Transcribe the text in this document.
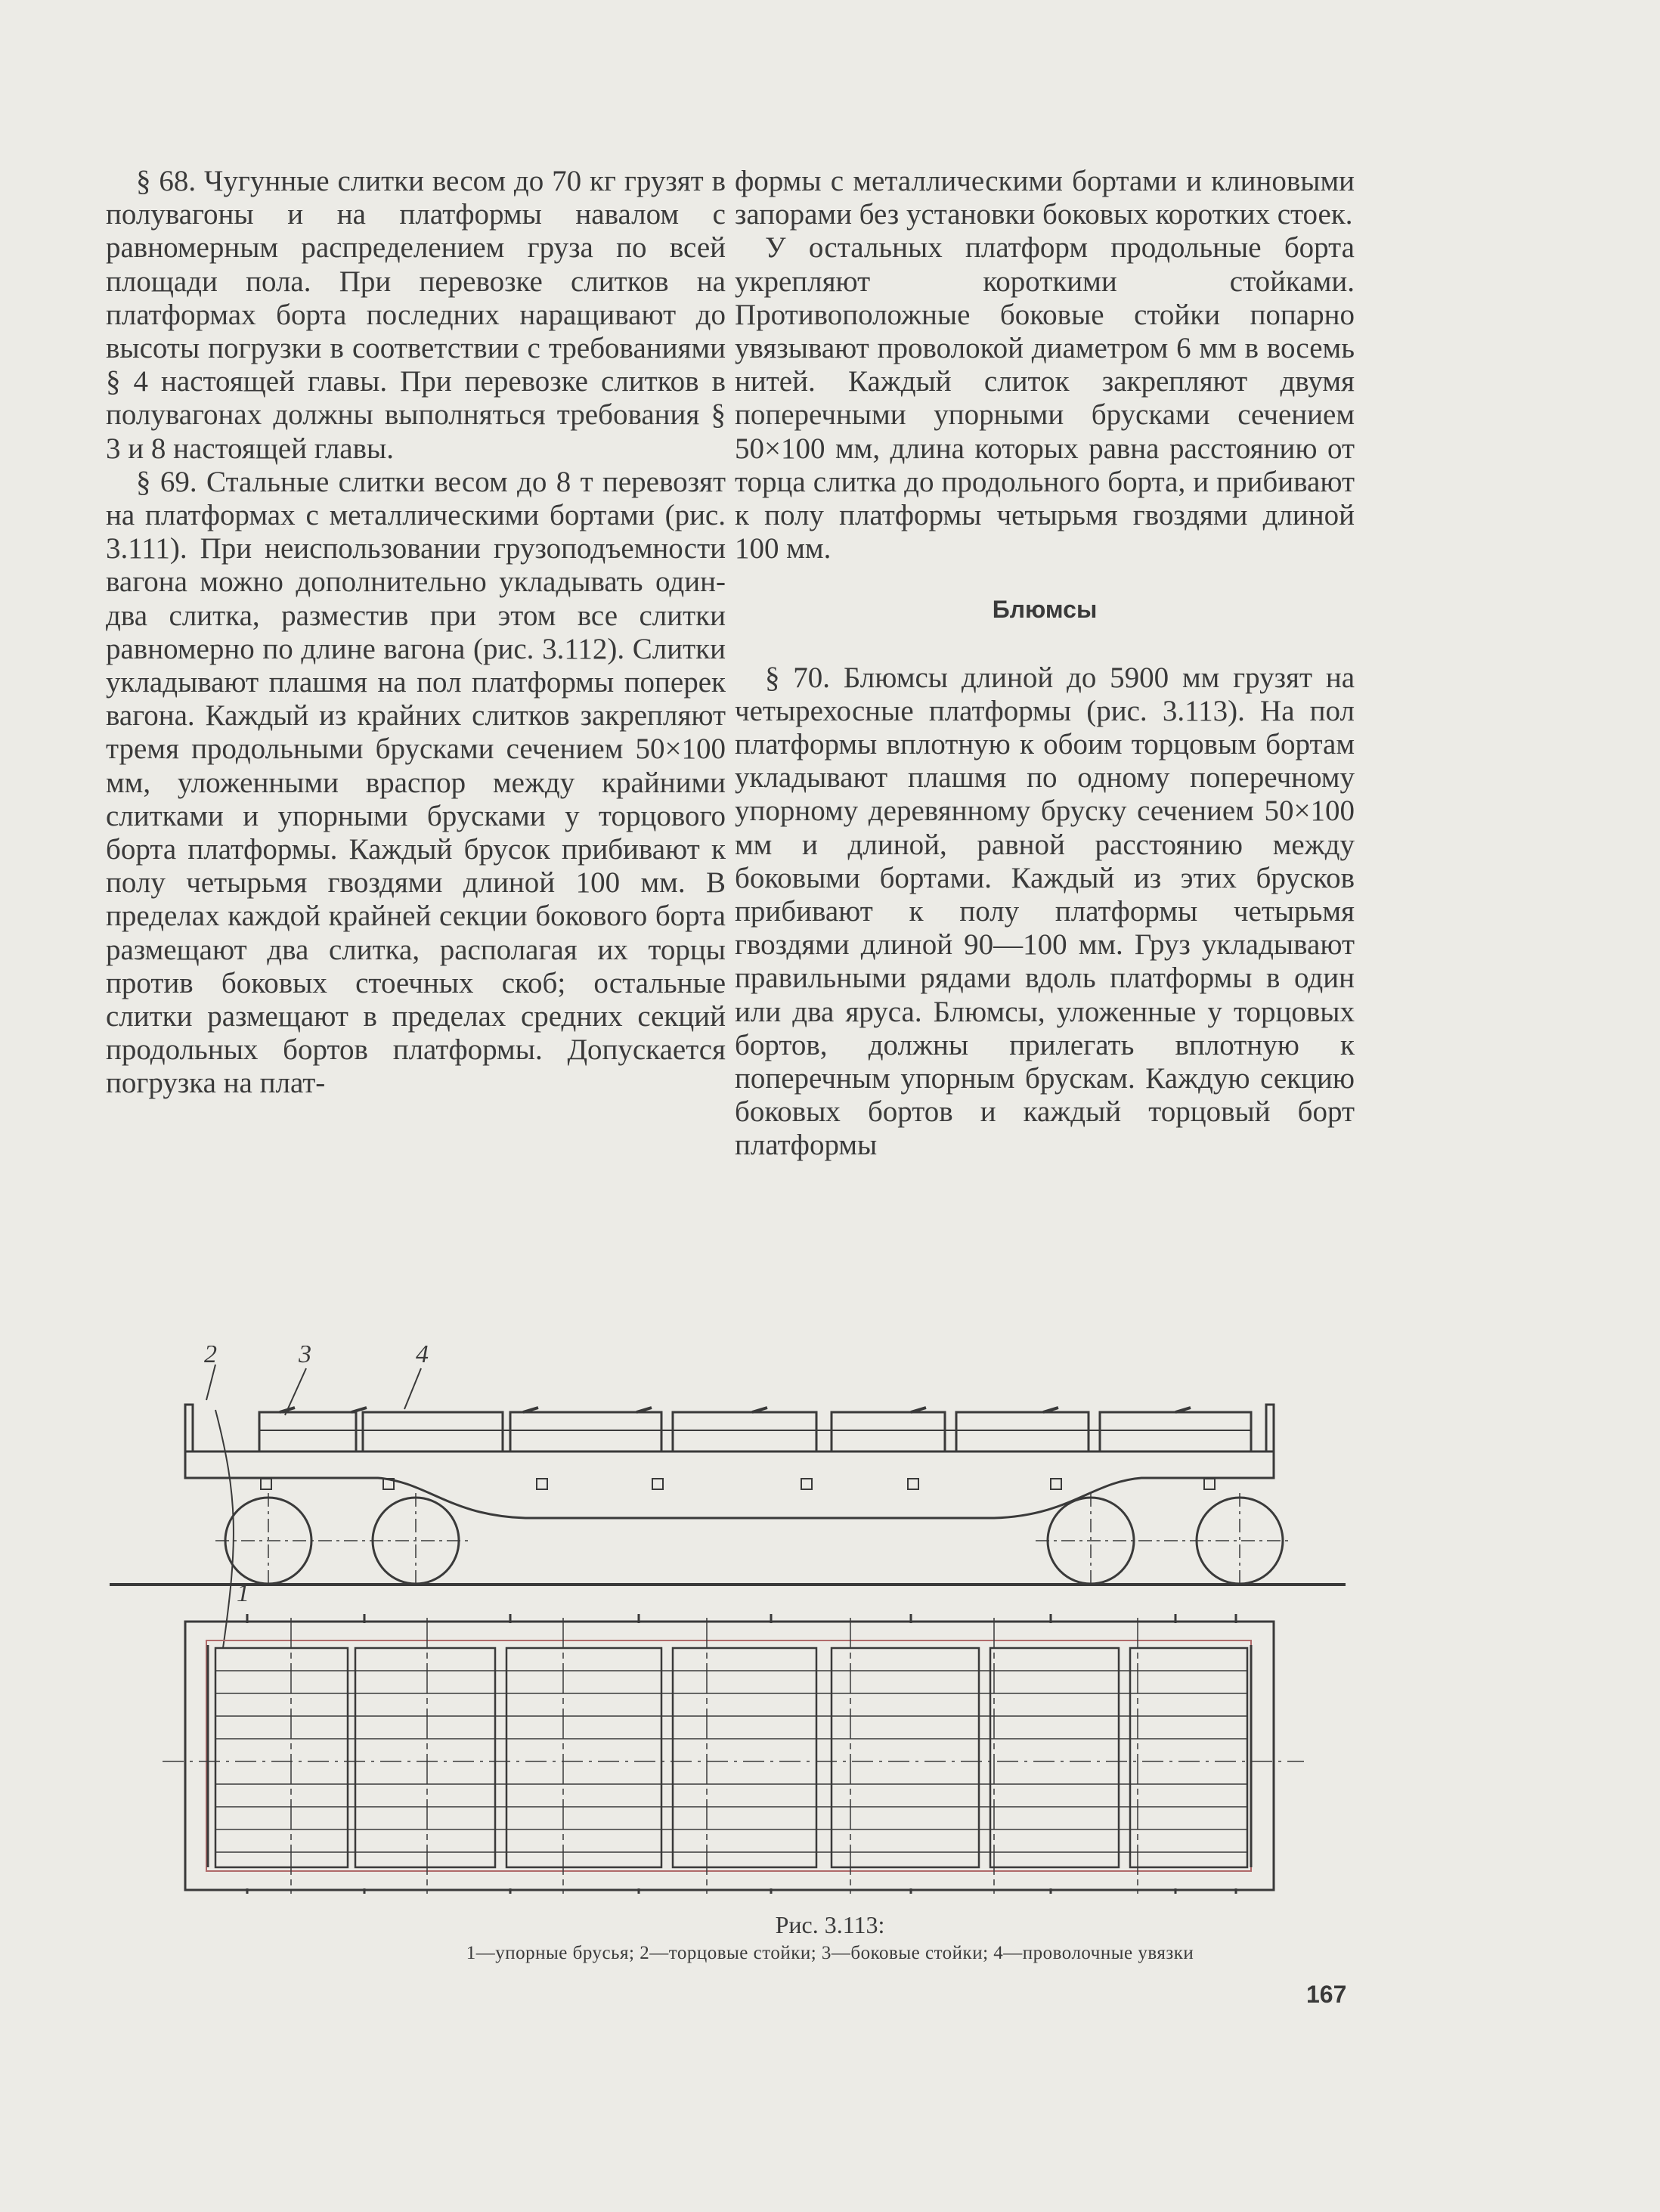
§ 68. Чугунные слитки весом до 70 кг грузят в полувагоны и на платформы навалом с равномерным распределением груза по всей площади пола. При перевозке слитков на платформах борта последних наращивают до высоты погрузки в соответствии с требованиями § 4 настоящей главы. При перевозке слитков в полувагонах должны выполняться требования § 3 и 8 настоящей главы.

§ 69. Стальные слитки весом до 8 т перевозят на платформах с металлическими бортами (рис. 3.111). При неиспользовании грузоподъемности вагона можно дополнительно укладывать один-два слитка, разместив при этом все слитки равномерно по длине вагона (рис. 3.112). Слитки укладывают плашмя на пол платформы поперек вагона. Каждый из крайних слитков закрепляют тремя продольными брусками сечением 50×100 мм, уложенными враспор между крайними слитками и упорными брусками у торцового борта платформы. Каждый брусок прибивают к полу четырьмя гвоздями длиной 100 мм. В пределах каждой крайней секции бокового борта размещают два слитка, располагая их торцы против боковых стоечных скоб; остальные слитки размещают в пределах средних секций продольных бортов платформы. Допускается погрузка на плат-

формы с металлическими бортами и клиновыми запорами без установки боковых коротких стоек.

У остальных платформ продольные борта укрепляют короткими стойками. Противоположные боковые стойки попарно увязывают проволокой диаметром 6 мм в восемь нитей. Каждый слиток закрепляют двумя поперечными упорными брусками сечением 50×100 мм, длина которых равна расстоянию от торца слитка до продольного борта, и прибивают к полу платформы четырьмя гвоздями длиной 100 мм.

Блюмсы

§ 70. Блюмсы длиной до 5900 мм грузят на четырехосные платформы (рис. 3.113). На пол платформы вплотную к обоим торцовым бортам укладывают плашмя по одному поперечному упорному деревянному бруску сечением 50×100 мм и длиной, равной расстоянию между боковыми бортами. Каждый из этих брусков прибивают к полу платформы четырьмя гвоздями длиной 90—100 мм. Груз укладывают правильными рядами вдоль платформы в один или два яруса. Блюмсы, уложенные у торцовых бортов, должны прилегать вплотную к поперечным упорным брускам. Каждую секцию боковых бортов и каждый торцовый борт платформы

2	3	4
1
Рис. 3.113:
1—упорные брусья; 2—торцовые стойки; 3—боковые стойки; 4—проволочные увязки
167
